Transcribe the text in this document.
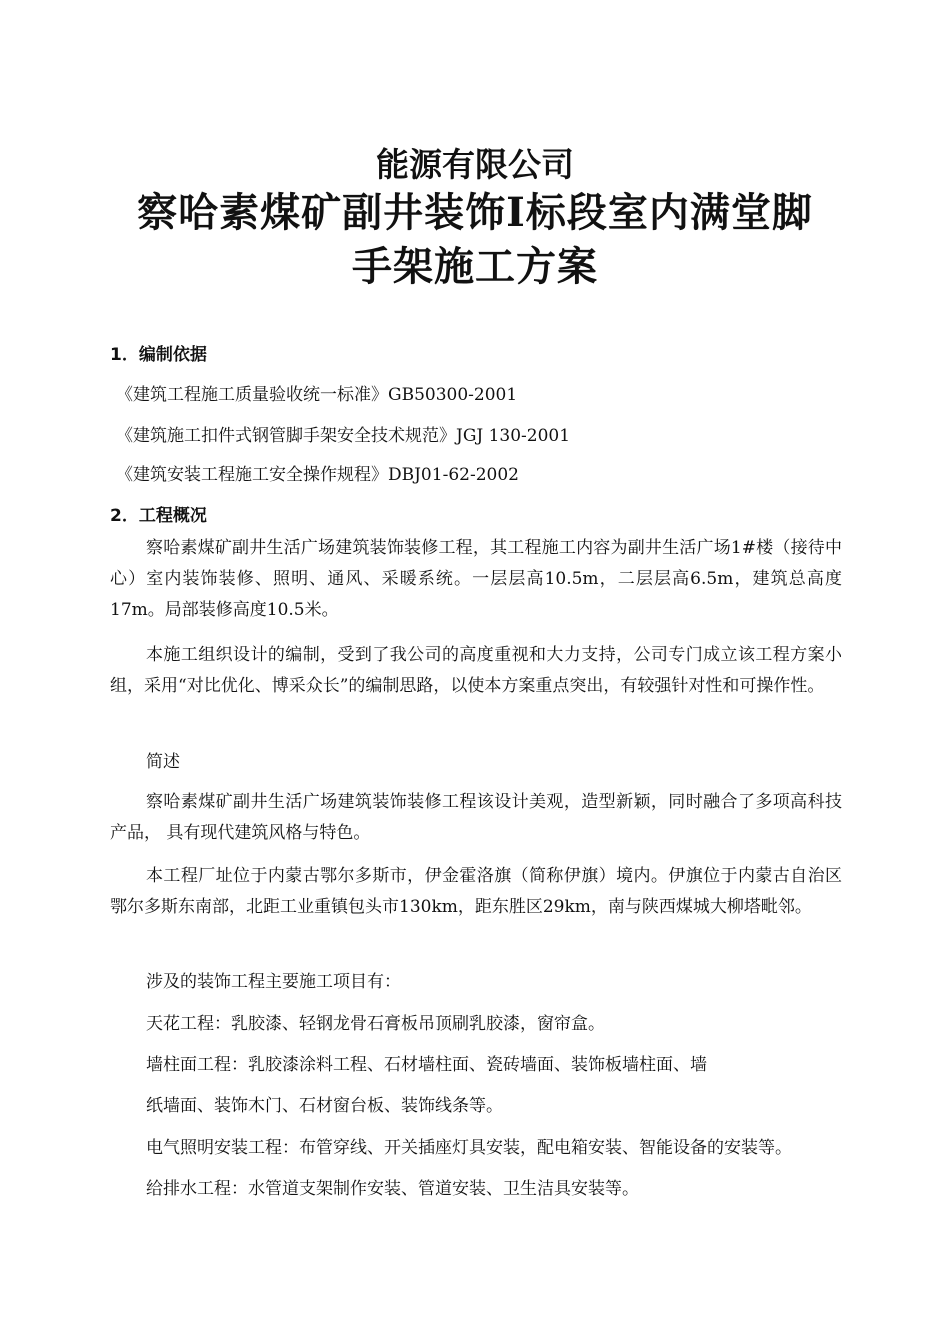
能源有限公司
察哈素煤矿副井装饰Ⅰ标段室内满堂脚
手架施工方案
1．编制依据
《建筑工程施工质量验收统一标准》GB50300-2001
《建筑施工扣件式钢管脚手架安全技术规范》JGJ 130-2001
《建筑安装工程施工安全操作规程》DBJ01-62-2002
2．工程概况
察哈素煤矿副井生活广场建筑装饰装修工程，其工程施工内容为副井生活广场1#楼（接待中心）室内装饰装修、照明、通风、采暖系统。一层层高10.5m，二层层高6.5m，建筑总高度17m。局部装修高度10.5米。
本施工组织设计的编制，受到了我公司的高度重视和大力支持，公司专门成立该工程方案小组，采用“对比优化、博采众长”的编制思路，以使本方案重点突出，有较强针对性和可操作性。
简述
察哈素煤矿副井生活广场建筑装饰装修工程该设计美观，造型新颖，同时融合了多项高科技产品， 具有现代建筑风格与特色。
本工程厂址位于内蒙古鄂尔多斯市，伊金霍洛旗（简称伊旗）境内。伊旗位于内蒙古自治区鄂尔多斯东南部，北距工业重镇包头市130km，距东胜区29km，南与陕西煤城大柳塔毗邻。
涉及的装饰工程主要施工项目有：
天花工程：乳胶漆、轻钢龙骨石膏板吊顶刷乳胶漆，窗帘盒。
墙柱面工程：乳胶漆涂料工程、石材墙柱面、瓷砖墙面、装饰板墙柱面、墙
纸墙面、装饰木门、石材窗台板、装饰线条等。
电气照明安装工程：布管穿线、开关插座灯具安装，配电箱安装、智能设备的安装等。
给排水工程：水管道支架制作安装、管道安装、卫生洁具安装等。
